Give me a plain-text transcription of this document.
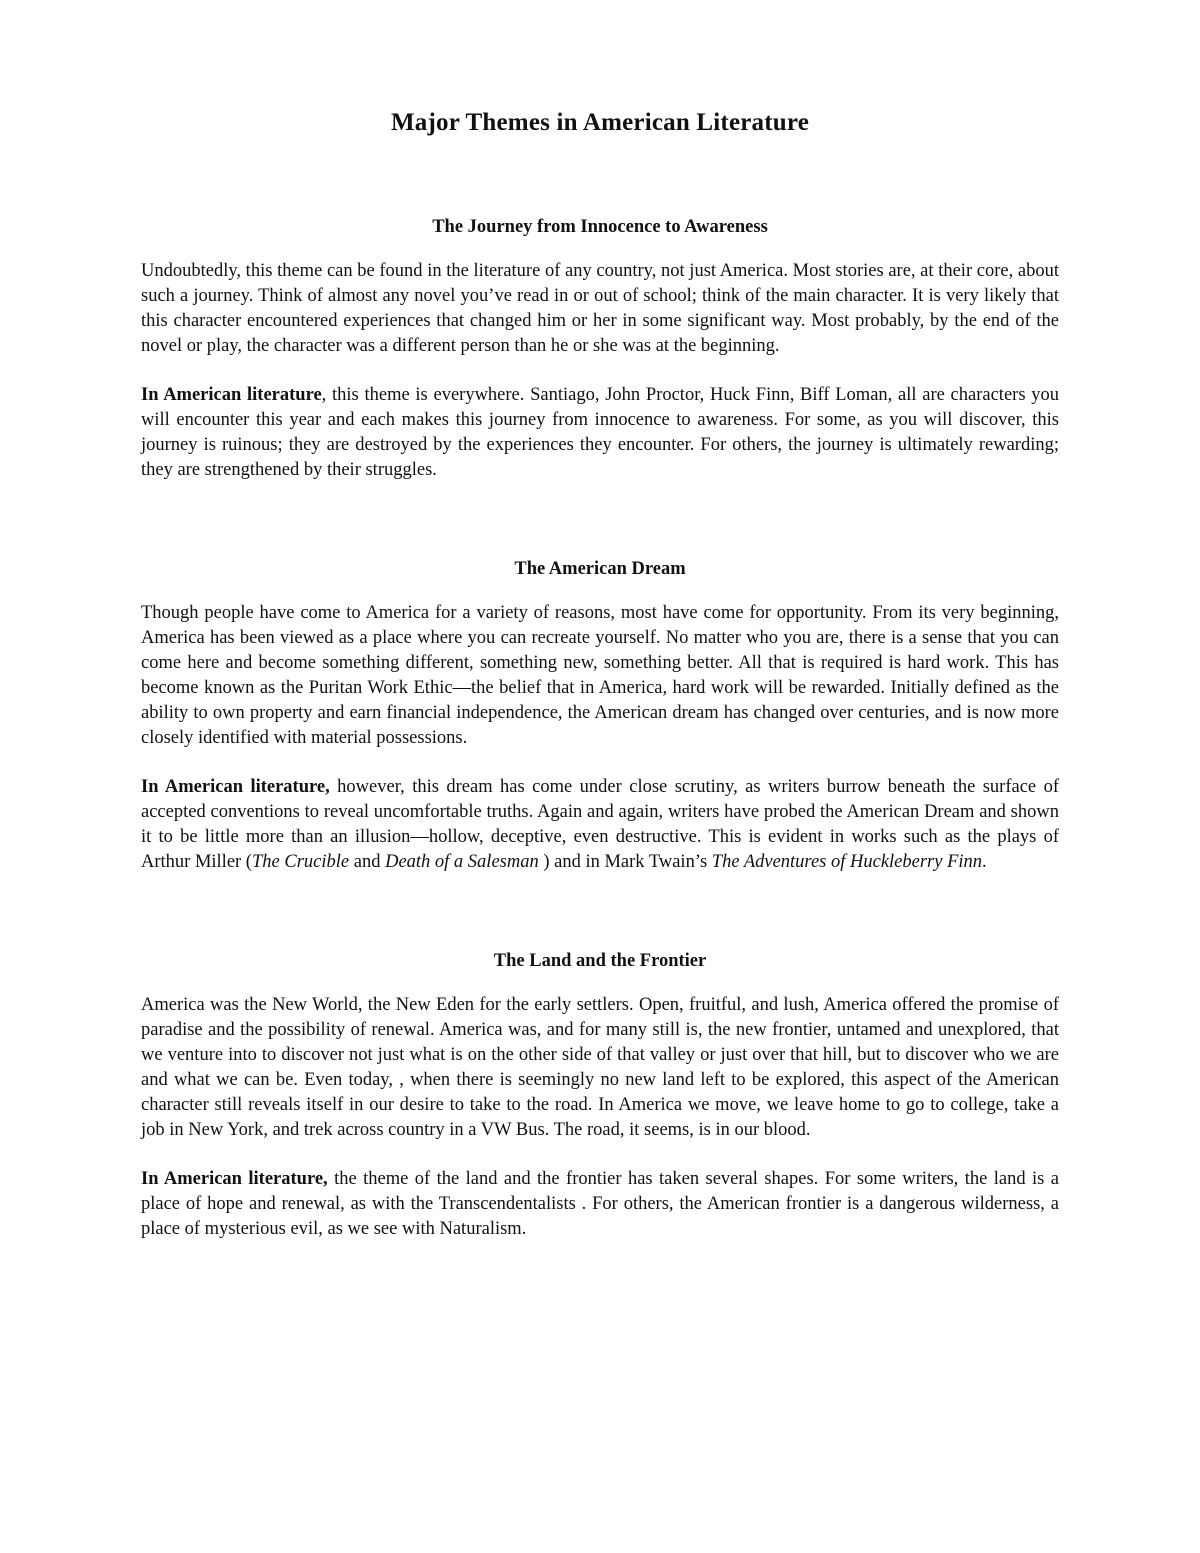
Major Themes in American Literature
The Journey from Innocence to Awareness

Undoubtedly, this theme can be found in the literature of any country, not just America. Most stories are, at their core, about such a journey. Think of almost any novel you’ve read in or out of school; think of the main character. It is very likely that this character encountered experiences that changed him or her in some significant way. Most probably, by the end of the novel or play, the character was a different person than he or she was at the beginning.

In American literature, this theme is everywhere. Santiago, John Proctor, Huck Finn, Biff Loman, all are characters you will encounter this year and each makes this journey from innocence to awareness. For some, as you will discover, this journey is ruinous; they are destroyed by the experiences they encounter. For others, the journey is ultimately rewarding; they are strengthened by their struggles.

The American Dream

Though people have come to America for a variety of reasons, most have come for opportunity. From its very beginning, America has been viewed as a place where you can recreate yourself. No matter who you are, there is a sense that you can come here and become something different, something new, something better. All that is required is hard work. This has become known as the Puritan Work Ethic—the belief that in America, hard work will be rewarded. Initially defined as the ability to own property and earn financial independence, the American dream has changed over centuries, and is now more closely identified with material possessions.

In American literature, however, this dream has come under close scrutiny, as writers burrow beneath the surface of accepted conventions to reveal uncomfortable truths. Again and again, writers have probed the American Dream and shown it to be little more than an illusion—hollow, deceptive, even destructive. This is evident in works such as the plays of Arthur Miller (The Crucible and Death of a Salesman ) and in Mark Twain’s The Adventures of Huckleberry Finn.

The Land and the Frontier

America was the New World, the New Eden for the early settlers. Open, fruitful, and lush, America offered the promise of paradise and the possibility of renewal. America was, and for many still is, the new frontier, untamed and unexplored, that we venture into to discover not just what is on the other side of that valley or just over that hill, but to discover who we are and what we can be. Even today, , when there is seemingly no new land left to be explored, this aspect of the American character still reveals itself in our desire to take to the road. In America we move, we leave home to go to college, take a job in New York, and trek across country in a VW Bus. The road, it seems, is in our blood.

In American literature, the theme of the land and the frontier has taken several shapes. For some writers, the land is a place of hope and renewal, as with the Transcendentalists . For others, the American frontier is a dangerous wilderness, a place of mysterious evil, as we see with Naturalism.
